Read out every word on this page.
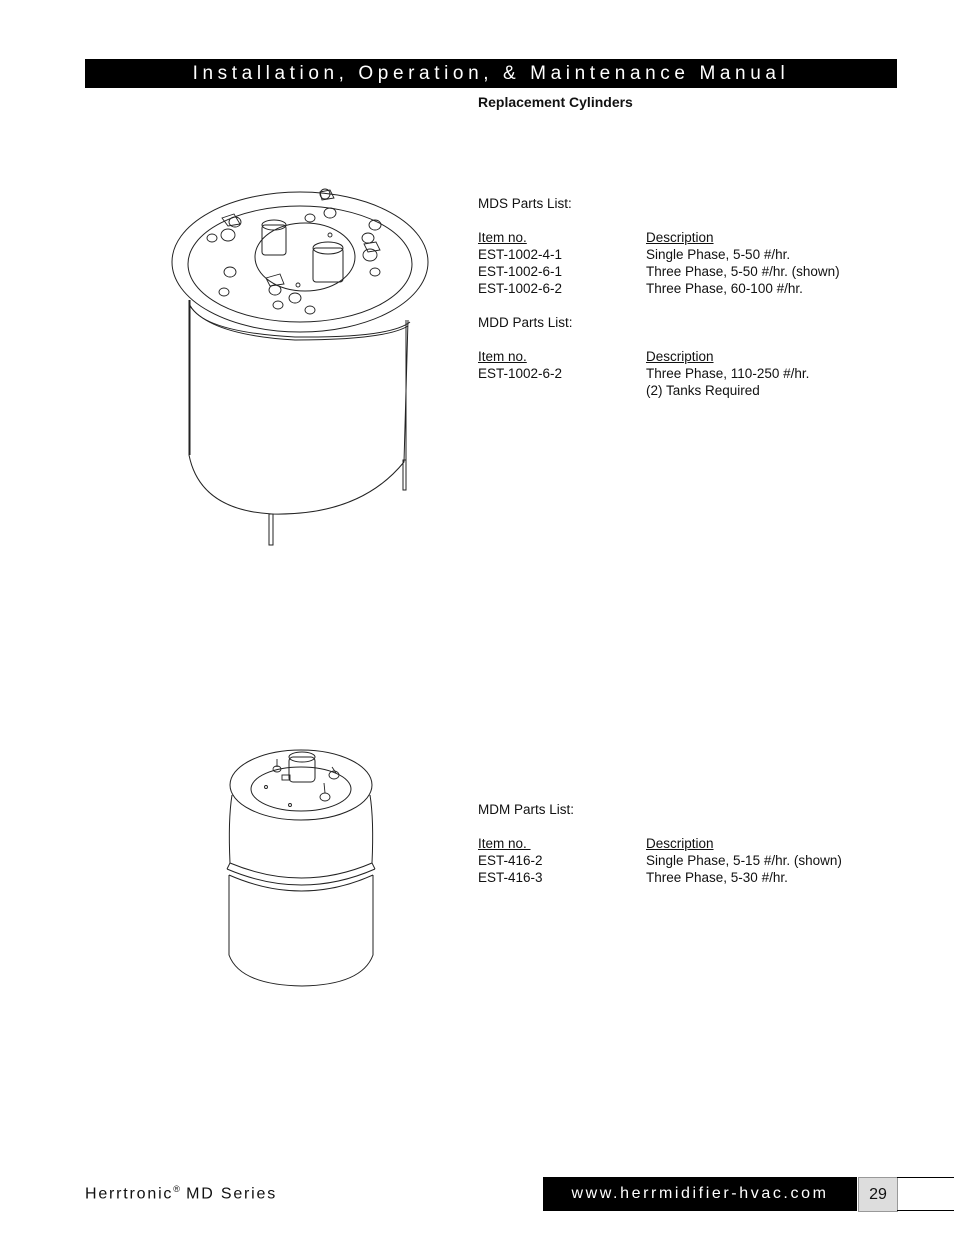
Installation, Operation, & Maintenance Manual
Replacement Cylinders
MDS Parts List:
Item no.	Description
EST-1002-4-1	Single Phase, 5-50 #/hr.
EST-1002-6-1	Three Phase, 5-50 #/hr. (shown)
EST-1002-6-2	Three Phase, 60-100 #/hr.
MDD Parts List:
Item no.	Description
EST-1002-6-2	Three Phase, 110-250 #/hr.
(2) Tanks Required
MDM Parts List:
Item no.	Description
EST-416-2	Single Phase, 5-15 #/hr. (shown)
EST-416-3	Three Phase, 5-30 #/hr.
Herrtronic® MD Series	www.herrmidifier-hvac.com	29
